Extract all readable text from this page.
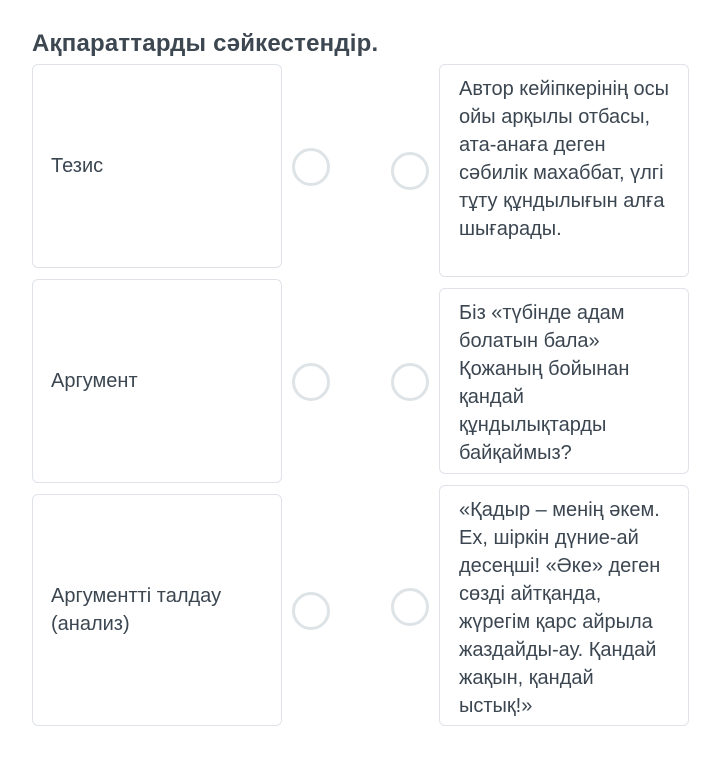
Ақпараттарды сәйкестендір.
Тезис
Аргумент
Аргументті талдау (анализ)
Автор кейіпкерінің осы ойы арқылы отбасы, ата-анаға деген сәбилік махаббат, үлгі тұту құндылығын алға шығарады.
Біз «түбінде адам болатын бала» Қожаның бойынан қандай құндылықтарды байқаймыз?
«Қадыр – менің әкем. Ех, шіркін дүние-ай десеңші! «Әке» деген сөзді айтқанда, жүрегім қарс айрыла жаздайды-ау. Қандай жақын, қандай ыстық!»
